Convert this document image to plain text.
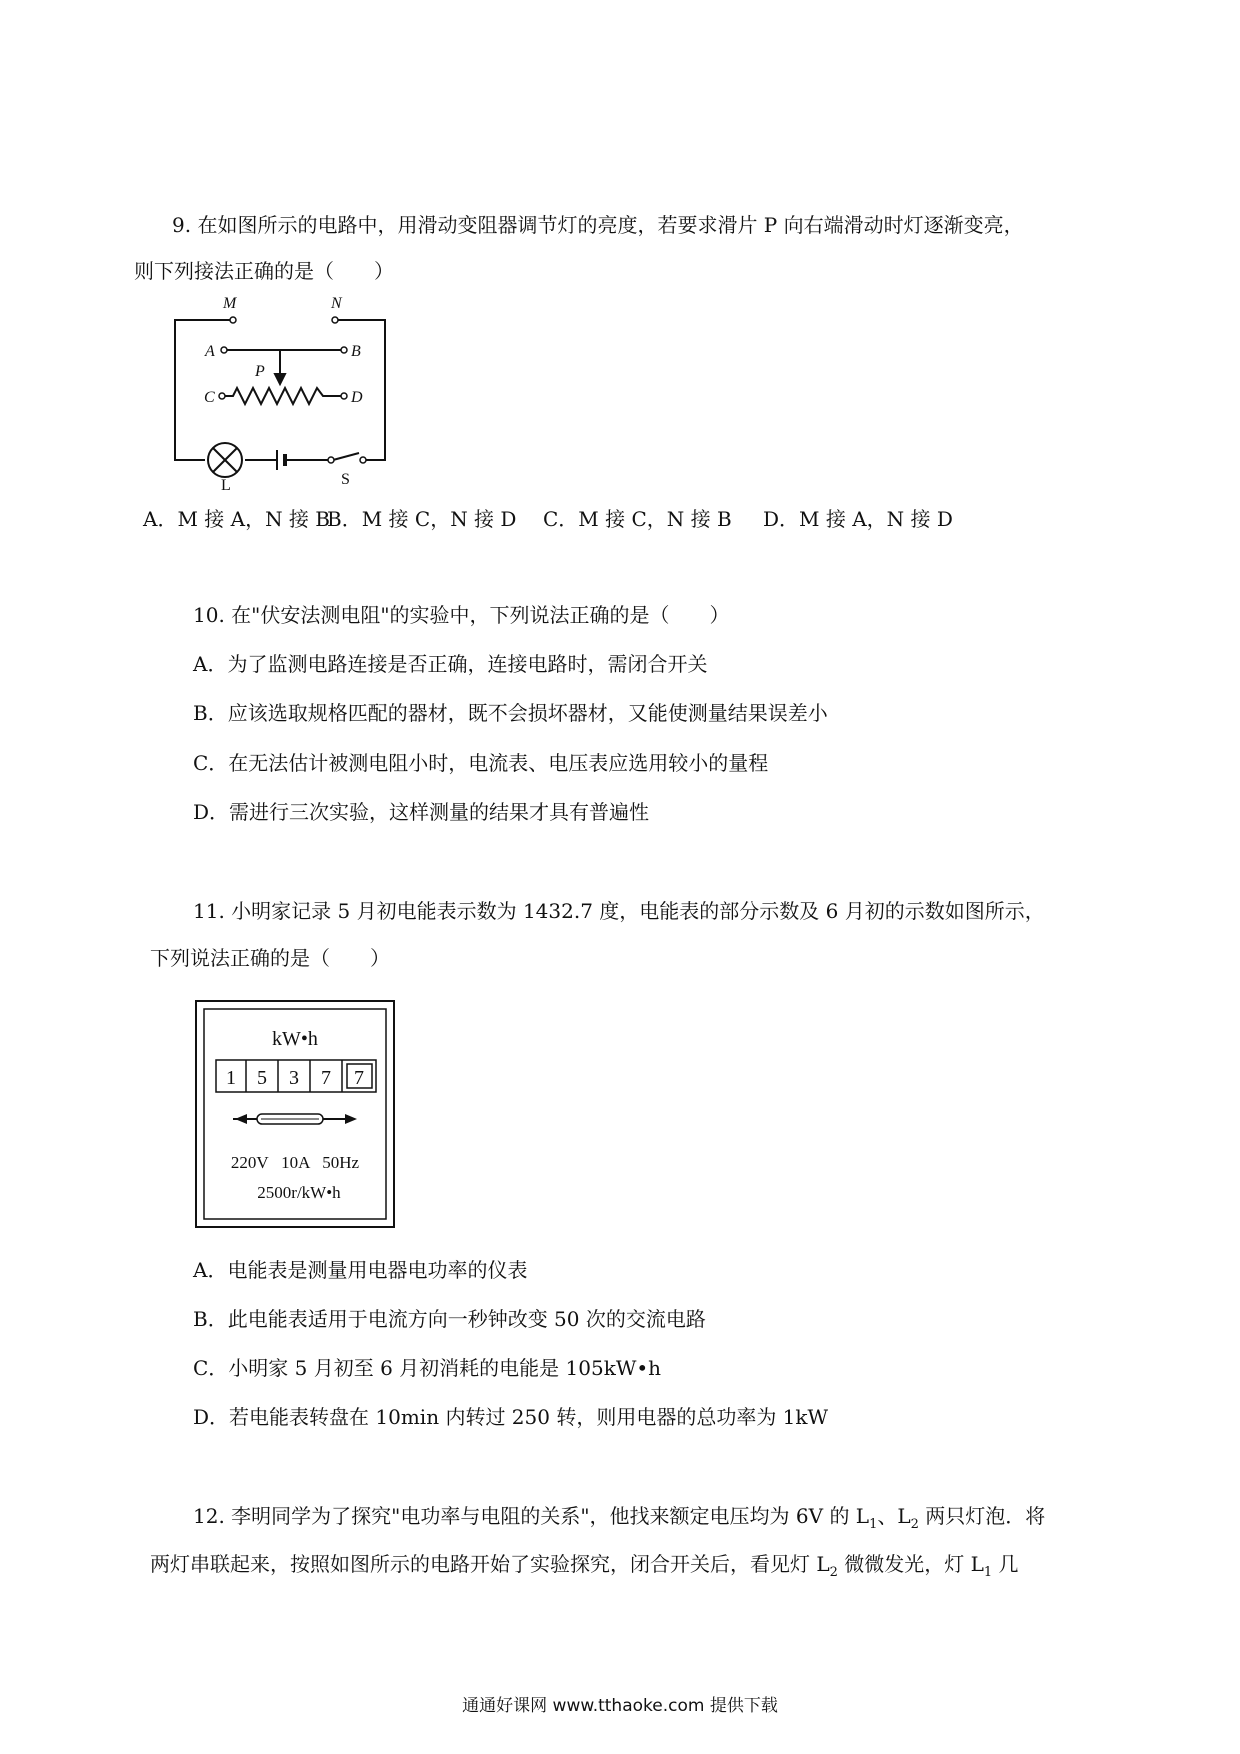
9. 在如图所示的电路中，用滑动变阻器调节灯的亮度，若要求滑片 P 向右端滑动时灯逐渐变亮，
则下列接法正确的是（　　）
M	N
A	B
C	D
P
L	S
A．M 接 A，N 接 BB．M 接 C，N 接 D C．M 接 C，N 接 B D．M 接 A，N 接 D
10. 在"伏安法测电阻"的实验中，下列说法正确的是（　　）
A．为了监测电路连接是否正确，连接电路时，需闭合开关
B．应该选取规格匹配的器材，既不会损坏器材，又能使测量结果误差小
C．在无法估计被测电阻小时，电流表、电压表应选用较小的量程
D．需进行三次实验，这样测量的结果才具有普遍性
11. 小明家记录 5 月初电能表示数为 1432.7 度，电能表的部分示数及 6 月初的示数如图所示，
下列说法正确的是（　　）
kW•h
1 5 3 7 7
220V   10A   50Hz
2500r/kW•h
A．电能表是测量用电器电功率的仪表
B．此电能表适用于电流方向一秒钟改变 50 次的交流电路
C．小明家 5 月初至 6 月初消耗的电能是 105kW•h
D．若电能表转盘在 10min 内转过 250 转，则用电器的总功率为 1kW
12. 李明同学为了探究"电功率与电阻的关系"，他找来额定电压均为 6V 的 $L_1$、$L_2$ 两只灯泡．将
两灯串联起来，按照如图所示的电路开始了实验探究，闭合开关后，看见灯 $L_2$ 微微发光，灯 $L_1$ 几
通通好课网 www.tthaoke.com 提供下载
